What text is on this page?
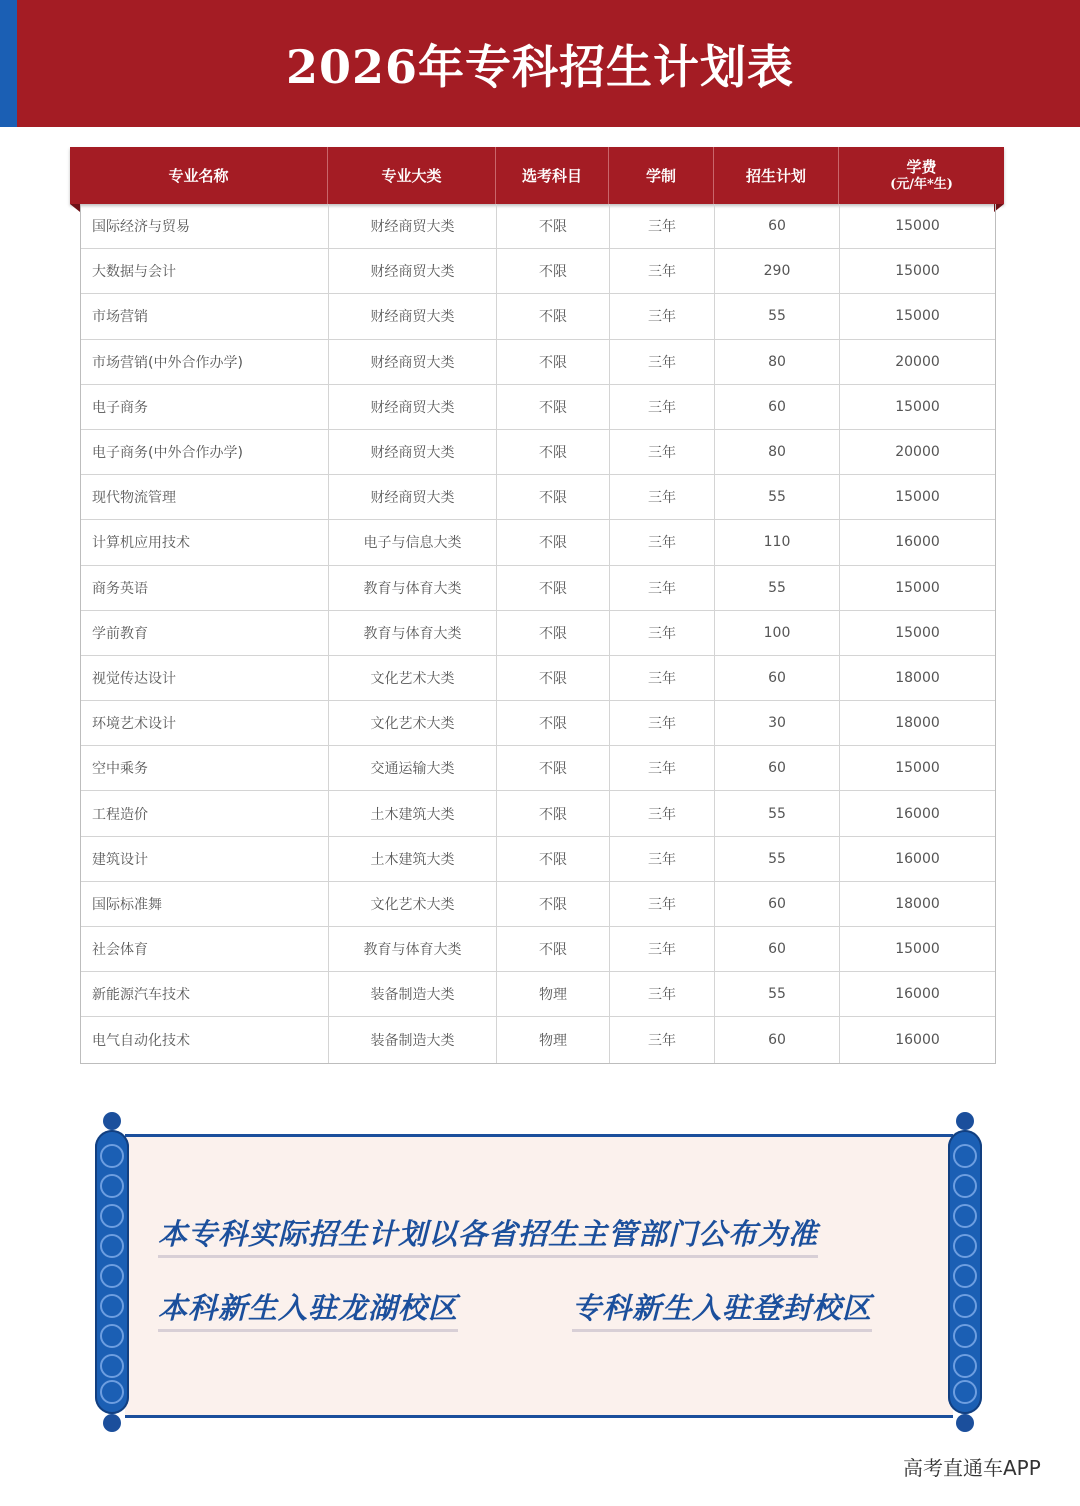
2026年专科招生计划表
专业名称	专业大类	选考科目	学制	招生计划	学费
(元/年*生)
国际经济与贸易	财经商贸大类	不限	三年	60	15000
大数据与会计	财经商贸大类	不限	三年	290	15000
市场营销	财经商贸大类	不限	三年	55	15000
市场营销(中外合作办学)	财经商贸大类	不限	三年	80	20000
电子商务	财经商贸大类	不限	三年	60	15000
电子商务(中外合作办学)	财经商贸大类	不限	三年	80	20000
现代物流管理	财经商贸大类	不限	三年	55	15000
计算机应用技术	电子与信息大类	不限	三年	110	16000
商务英语	教育与体育大类	不限	三年	55	15000
学前教育	教育与体育大类	不限	三年	100	15000
视觉传达设计	文化艺术大类	不限	三年	60	18000
环境艺术设计	文化艺术大类	不限	三年	30	18000
空中乘务	交通运输大类	不限	三年	60	15000
工程造价	土木建筑大类	不限	三年	55	16000
建筑设计	土木建筑大类	不限	三年	55	16000
国际标准舞	文化艺术大类	不限	三年	60	18000
社会体育	教育与体育大类	不限	三年	60	15000
新能源汽车技术	装备制造大类	物理	三年	55	16000
电气自动化技术	装备制造大类	物理	三年	60	16000
本专科实际招生计划以各省招生主管部门公布为准
本科新生入驻龙湖校区	专科新生入驻登封校区
高考直通车APP
